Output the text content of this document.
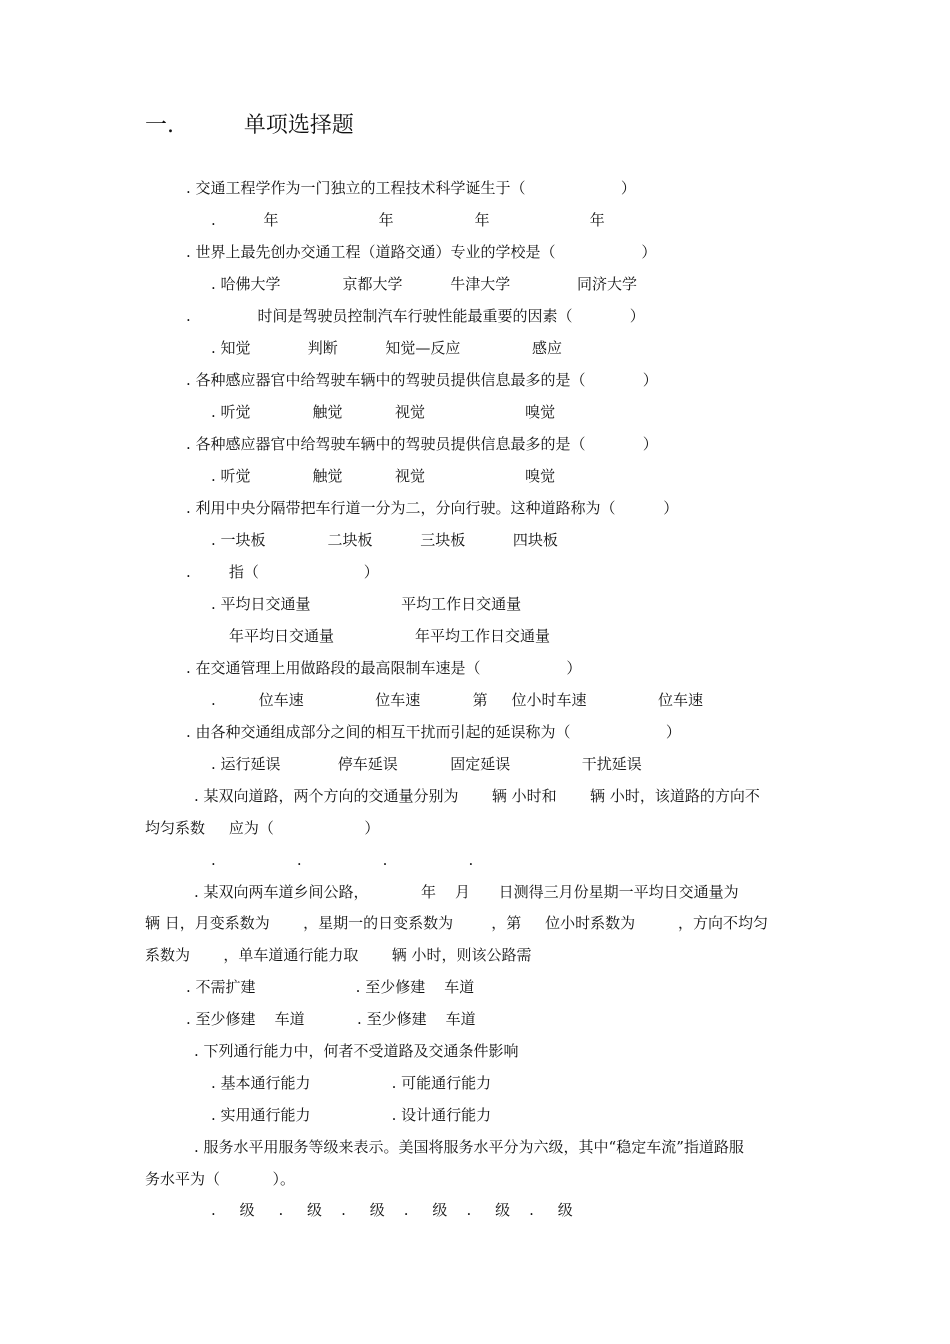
一.          单项选择题
. 交通工程学作为一门独立的工程技术科学诞生于（                    ）
.          年                     年                 年                     年
. 世界上最先创办交通工程（道路交通）专业的学校是（                  ）
. 哈佛大学             京都大学          牛津大学              同济大学
.              时间是驾驶员控制汽车行驶性能最重要的因素（            ）
. 知觉            判断          知觉—反应               感应
. 各种感应器官中给驾驶车辆中的驾驶员提供信息最多的是（            ）
. 听觉             触觉           视觉                     嗅觉
. 各种感应器官中给驾驶车辆中的驾驶员提供信息最多的是（            ）
. 听觉             触觉           视觉                     嗅觉
. 利用中央分隔带把车行道一分为二，分向行驶。这种道路称为（          ）
. 一块板             二块板          三块板          四块板
.        指（                      ）
. 平均日交通量                   平均工作日交通量
年平均日交通量                 年平均工作日交通量
. 在交通管理上用做路段的最高限制车速是（                  ）
.         位车速               位车速           第     位小时车速               位车速
. 由各种交通组成部分之间的相互干扰而引起的延误称为（                    ）
. 运行延误            停车延误           固定延误               干扰延误
. 某双向道路，两个方向的交通量分别为       辆 小时和       辆 小时，该道路的方向不
均匀系数     应为（                   ）
.                 .                 .                 .
. 某双向两车道乡间公路，           年    月      日测得三月份星期一平均日交通量为
辆 日，月变系数为       ，星期一的日变系数为        ，第     位小时系数为         ，方向不均匀
系数为       ，单车道通行能力取       辆 小时，则该公路需
. 不需扩建                     . 至少修建    车道
. 至少修建    车道           . 至少修建    车道
. 下列通行能力中，何者不受道路及交通条件影响
. 基本通行能力                 . 可能通行能力
. 实用通行能力                 . 设计通行能力
. 服务水平用服务等级来表示。美国将服务水平分为六级，其中“稳定车流”指道路服
务水平为（           ）。
.     级     .     级    .     级    .     级    .     级    .     级
